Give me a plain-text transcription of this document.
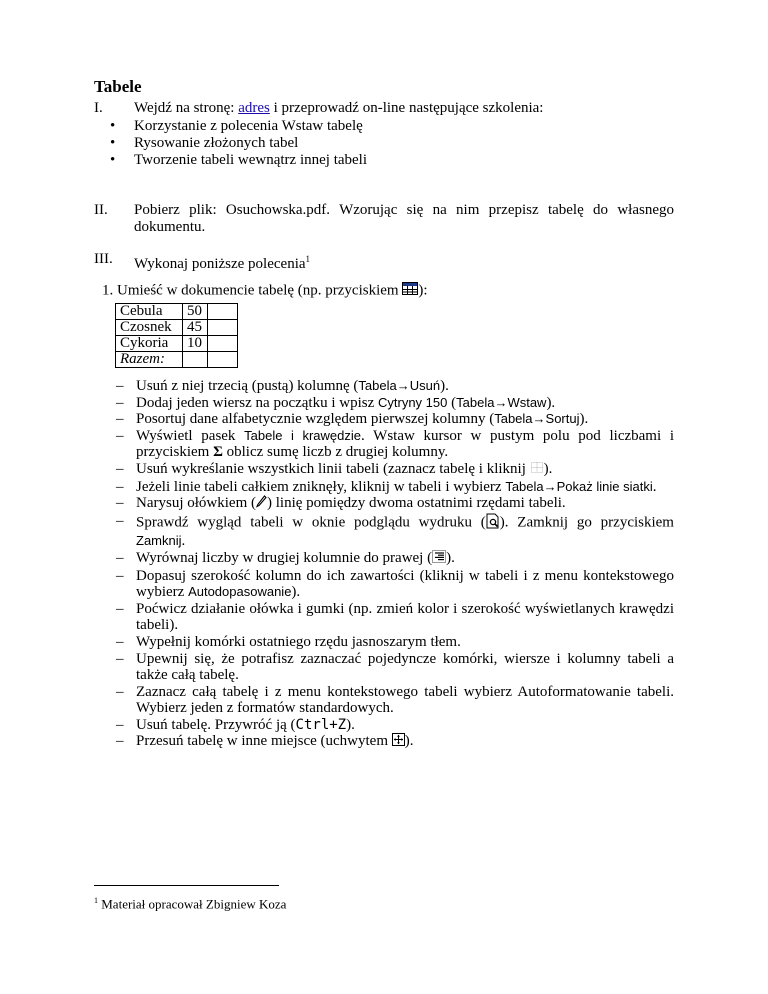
Tabele
I. Wejdź na stronę: adres i przeprowadź on-line następujące szkolenia:
• Korzystanie z polecenia Wstaw tabelę
• Rysowanie złożonych tabel
• Tworzenie tabeli wewnątrz innej tabeli
II. Pobierz plik: Osuchowska.pdf. Wzorując się na nim przepisz tabelę do własnego dokumentu.
III. Wykonaj poniższe polecenia$^1$
1. Umieść w dokumencie tabelę (np. przyciskiem ):
Cebula	50	
Czosnek	45	
Cykoria	10	
Razem:		
– Usuń z niej trzecią (pustą) kolumnę (Tabela→Usuń).
– Dodaj jeden wiersz na początku i wpisz Cytryny 150 (Tabela→Wstaw).
– Posortuj dane alfabetycznie względem pierwszej kolumny (Tabela→Sortuj).
– Wyświetl pasek Tabele i krawędzie. Wstaw kursor w pustym polu pod liczbami i przyciskiem Σ oblicz sumę liczb z drugiej kolumny.
– Usuń wykreślanie wszystkich linii tabeli (zaznacz tabelę i kliknij ).
– Jeżeli linie tabeli całkiem zniknęły, kliknij w tabeli i wybierz Tabela→Pokaż linie siatki.
– Narysuj ołówkiem ( ) linię pomiędzy dwoma ostatnimi rzędami tabeli.
– Sprawdź wygląd tabeli w oknie podglądu wydruku ( ). Zamknij go przyciskiem Zamknij.
– Wyrównaj liczby w drugiej kolumnie do prawej ( ).
– Dopasuj szerokość kolumn do ich zawartości (kliknij w tabeli i z menu kontekstowego wybierz Autodopasowanie).
– Poćwicz działanie ołówka i gumki (np. zmień kolor i szerokość wyświetlanych krawędzi tabeli).
– Wypełnij komórki ostatniego rzędu jasnoszarym tłem.
– Upewnij się, że potrafisz zaznaczać pojedyncze komórki, wiersze i kolumny tabeli a także całą tabelę.
– Zaznacz całą tabelę i z menu kontekstowego tabeli wybierz Autoformatowanie tabeli. Wybierz jeden z formatów standardowych.
– Usuń tabelę. Przywróć ją (Ctrl+Z).
– Przesuń tabelę w inne miejsce (uchwytem ).
$^1$ Materiał opracował Zbigniew Koza
